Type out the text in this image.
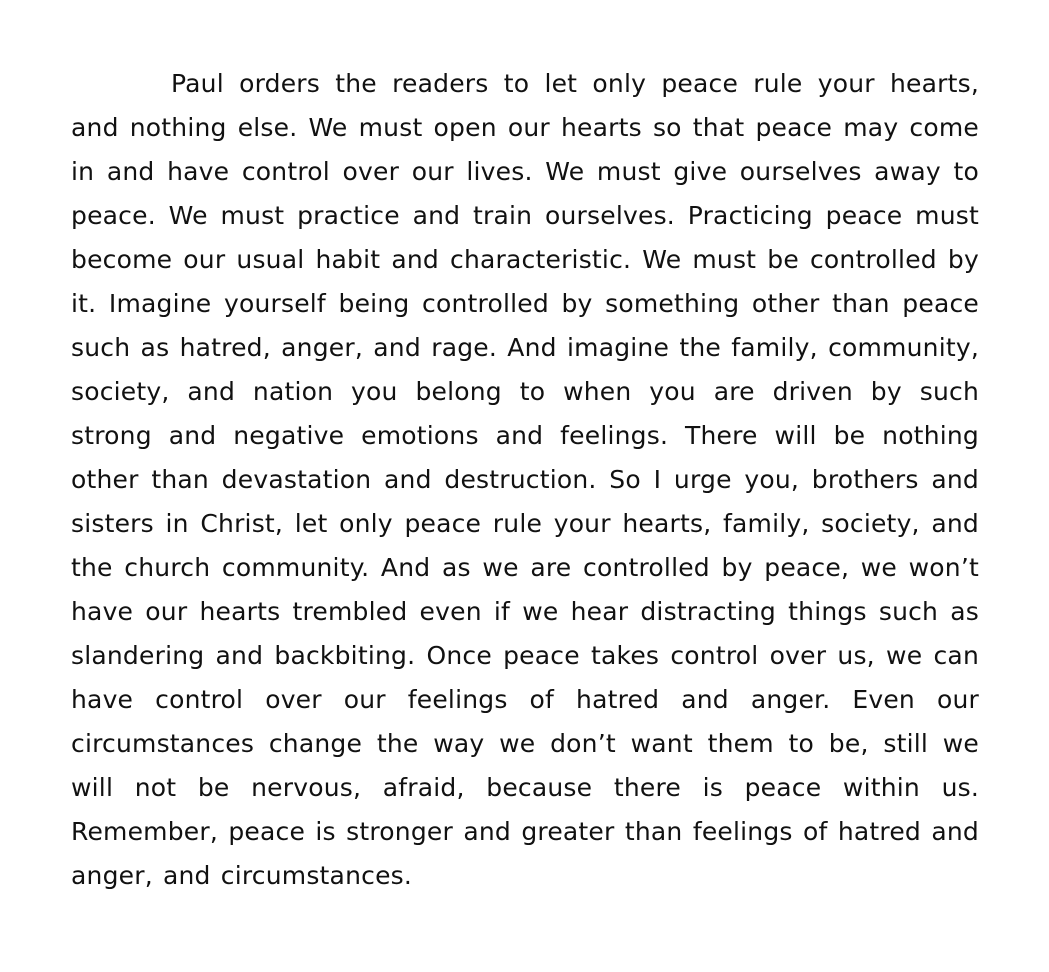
Paul orders the readers to let only peace rule your hearts, and nothing else. We must open our hearts so that peace may come in and have control over our lives. We must give ourselves away to peace. We must practice and train ourselves. Practicing peace must become our usual habit and characteristic. We must be controlled by it. Imagine yourself being controlled by something other than peace such as hatred, anger, and rage. And imagine the family, community, society, and nation you belong to when you are driven by such strong and negative emotions and feelings. There will be nothing other than devastation and destruction. So I urge you, brothers and sisters in Christ, let only peace rule your hearts, family, society, and the church community. And as we are controlled by peace, we won’t have our hearts trembled even if we hear distracting things such as slandering and backbiting. Once peace takes control over us, we can have control over our feelings of hatred and anger. Even our circumstances change the way we don’t want them to be, still we will not be nervous, afraid, because there is peace within us. Remember, peace is stronger and greater than feelings of hatred and anger, and circumstances.
